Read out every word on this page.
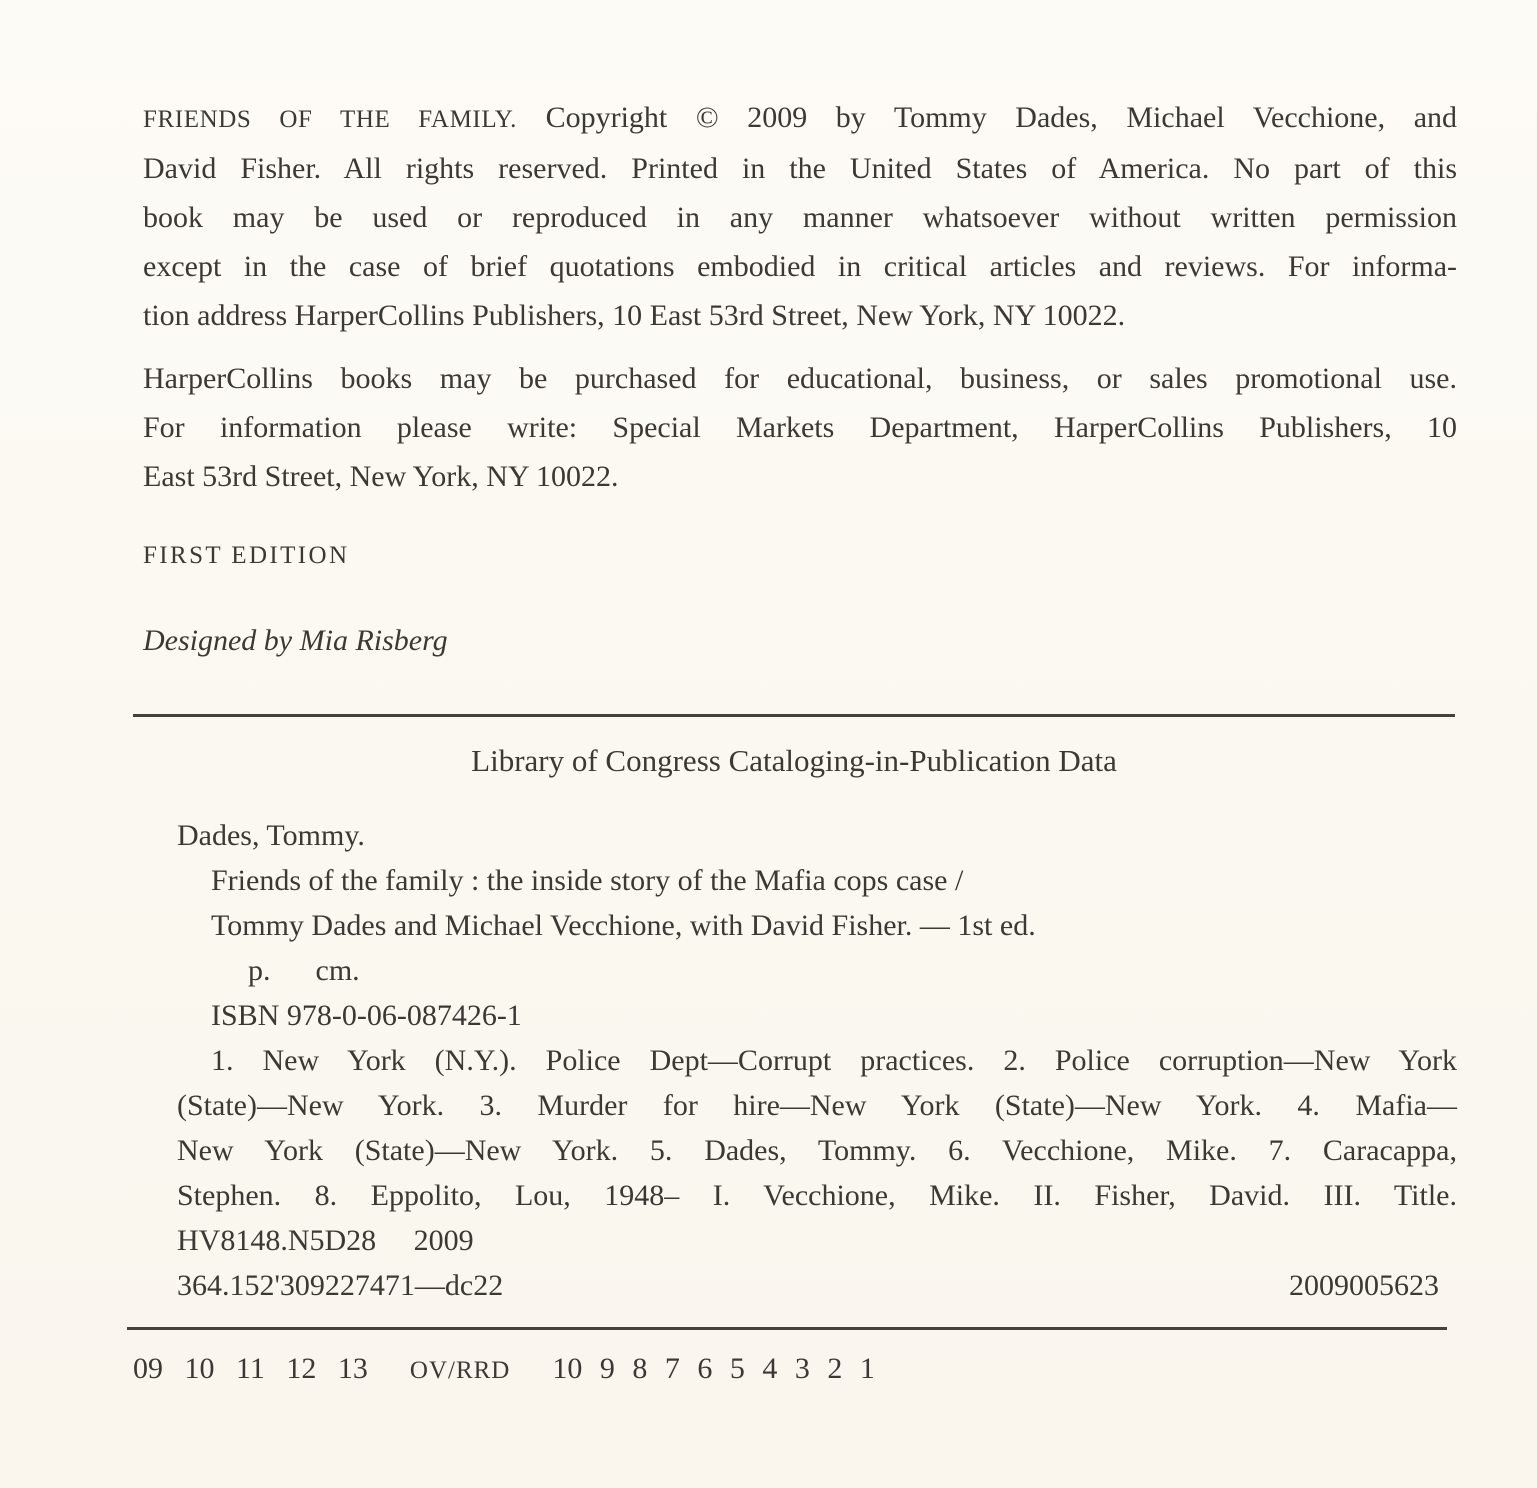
FRIENDS OF THE FAMILY. Copyright © 2009 by Tommy Dades, Michael Vecchione, and
David Fisher. All rights reserved. Printed in the United States of America. No part of this
book may be used or reproduced in any manner whatsoever without written permission
except in the case of brief quotations embodied in critical articles and reviews. For informa-
tion address HarperCollins Publishers, 10 East 53rd Street, New York, NY 10022.
HarperCollins books may be purchased for educational, business, or sales promotional use.
For information please write: Special Markets Department, HarperCollins Publishers, 10
East 53rd Street, New York, NY 10022.
FIRST EDITION
Designed by Mia Risberg
Library of Congress Cataloging-in-Publication Data
Dades, Tommy.
Friends of the family : the inside story of the Mafia cops case /
Tommy Dades and Michael Vecchione, with David Fisher. — 1st ed.
p.      cm.
ISBN 978-0-06-087426-1
1. New York (N.Y.). Police Dept—Corrupt practices. 2. Police corruption—New York
(State)—New York. 3. Murder for hire—New York (State)—New York. 4. Mafia—
New York (State)—New York. 5. Dades, Tommy. 6. Vecchione, Mike. 7. Caracappa,
Stephen. 8. Eppolito, Lou, 1948– I. Vecchione, Mike. II. Fisher, David. III. Title.
HV8148.N5D28     2009
364.152'309227471—dc22	2009005623
09 10 11 12 13 OV/RRD 10 9 8 7 6 5 4 3 2 1
